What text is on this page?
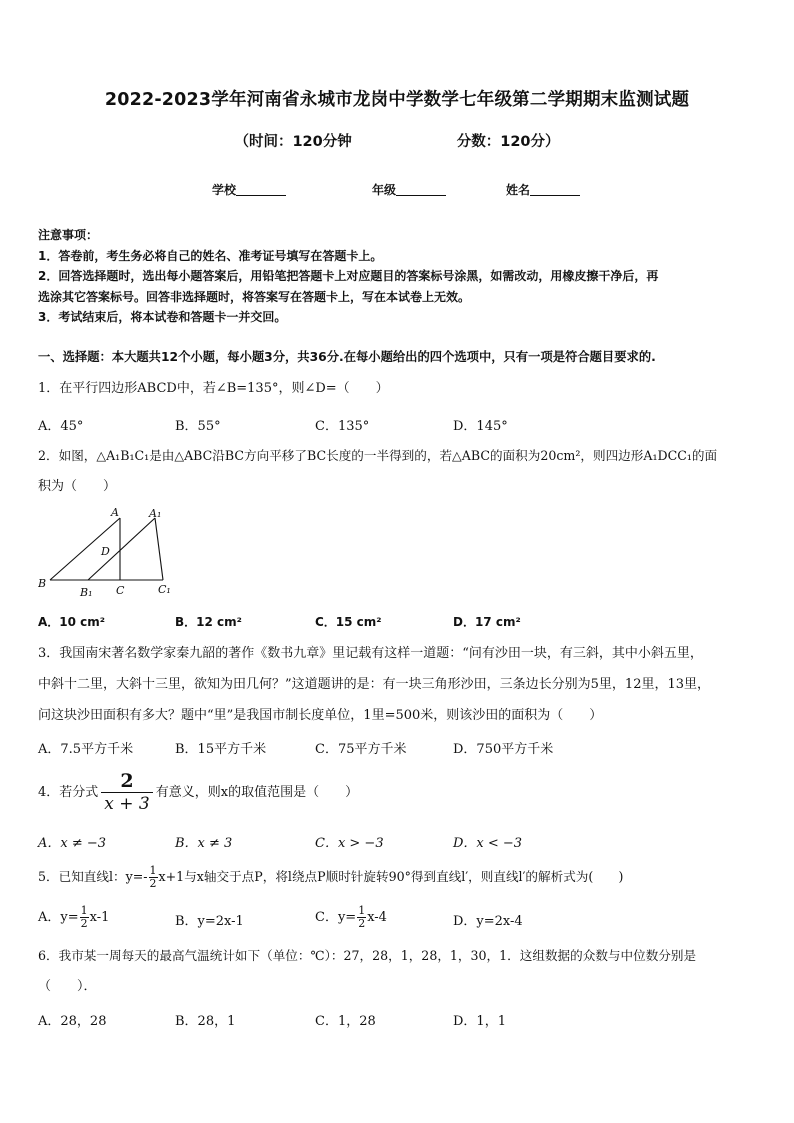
2022-2023学年河南省永城市龙岗中学数学七年级第二学期期末监测试题
（时间：120分钟	分数：120分）
学校	年级	姓名
注意事项：
1．答卷前，考生务必将自己的姓名、准考证号填写在答题卡上。
2．回答选择题时，选出每小题答案后，用铅笔把答题卡上对应题目的答案标号涂黑，如需改动，用橡皮擦干净后，再
选涂其它答案标号。回答非选择题时，将答案写在答题卡上，写在本试卷上无效。
3．考试结束后，将本试卷和答题卡一并交回。
一、选择题：本大题共12个小题，每小题3分，共36分.在每小题给出的四个选项中，只有一项是符合题目要求的.
1．在平行四边形ABCD中，若∠B=135°，则∠D=（　　）
A．45°	B．55°	C．135°	D．145°
2．如图，△A₁B₁C₁是由△ABC沿BC方向平移了BC长度的一半得到的，若△ABC的面积为20cm²，则四边形A₁DCC₁的面
积为（　　）
A	A₁
D
B
B₁ C	C₁
A．10 cm²	B．12 cm²	C．15 cm²	D．17 cm²
3．我国南宋著名数学家秦九韶的著作《数书九章》里记载有这样一道题：“问有沙田一块，有三斜，其中小斜五里，
中斜十二里，大斜十三里，欲知为田几何？”这道题讲的是：有一块三角形沙田，三条边长分别为5里，12里，13里，
问这块沙田面积有多大？题中“里”是我国市制长度单位，1里=500米，则该沙田的面积为（　　）
A．7.5平方千米	B．15平方千米	C．75平方千米	D．750平方千米
4．若分式 $\frac{2}{x + 3}$ 有意义，则x的取值范围是（　　）
A．x ≠ −3	B．x ≠ 3	C．x > −3	D．x < −3
5．已知直线l：$y=- \frac{1}{2} x+1$与x轴交于点P，将l绕点P顺时针旋转90°得到直线l′，则直线l′的解析式为(　　)
A．$y= \frac{1}{2} x-1$	B．y=2x-1	C．$y= \frac{1}{2} x-4$	D．y=2x-4
6．我市某一周每天的最高气温统计如下（单位：℃）：27，28，1，28，1，30，1．这组数据的众数与中位数分别是
（　　）．
A．28，28	B．28，1	C．1，28	D．1，1
